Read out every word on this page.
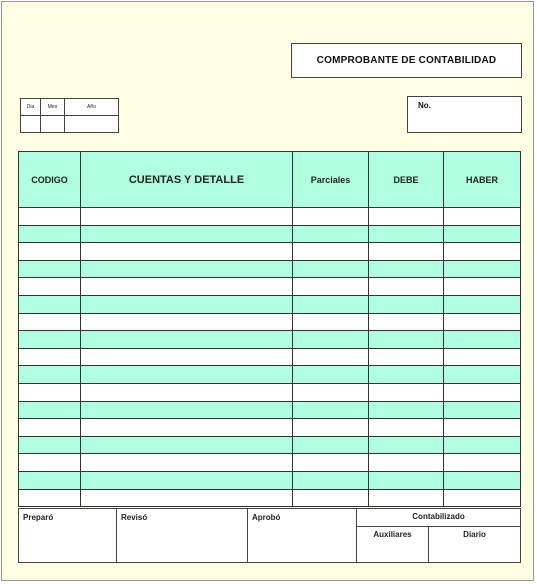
COMPROBANTE DE CONTABILIDAD
Dia	Mes	Año	No.
CODIGO	CUENTAS Y DETALLE	Parciales	DEBE	HABER

Preparó	Revisó	Aprobó	Contabilizado	
			Auxiliares	Diario
